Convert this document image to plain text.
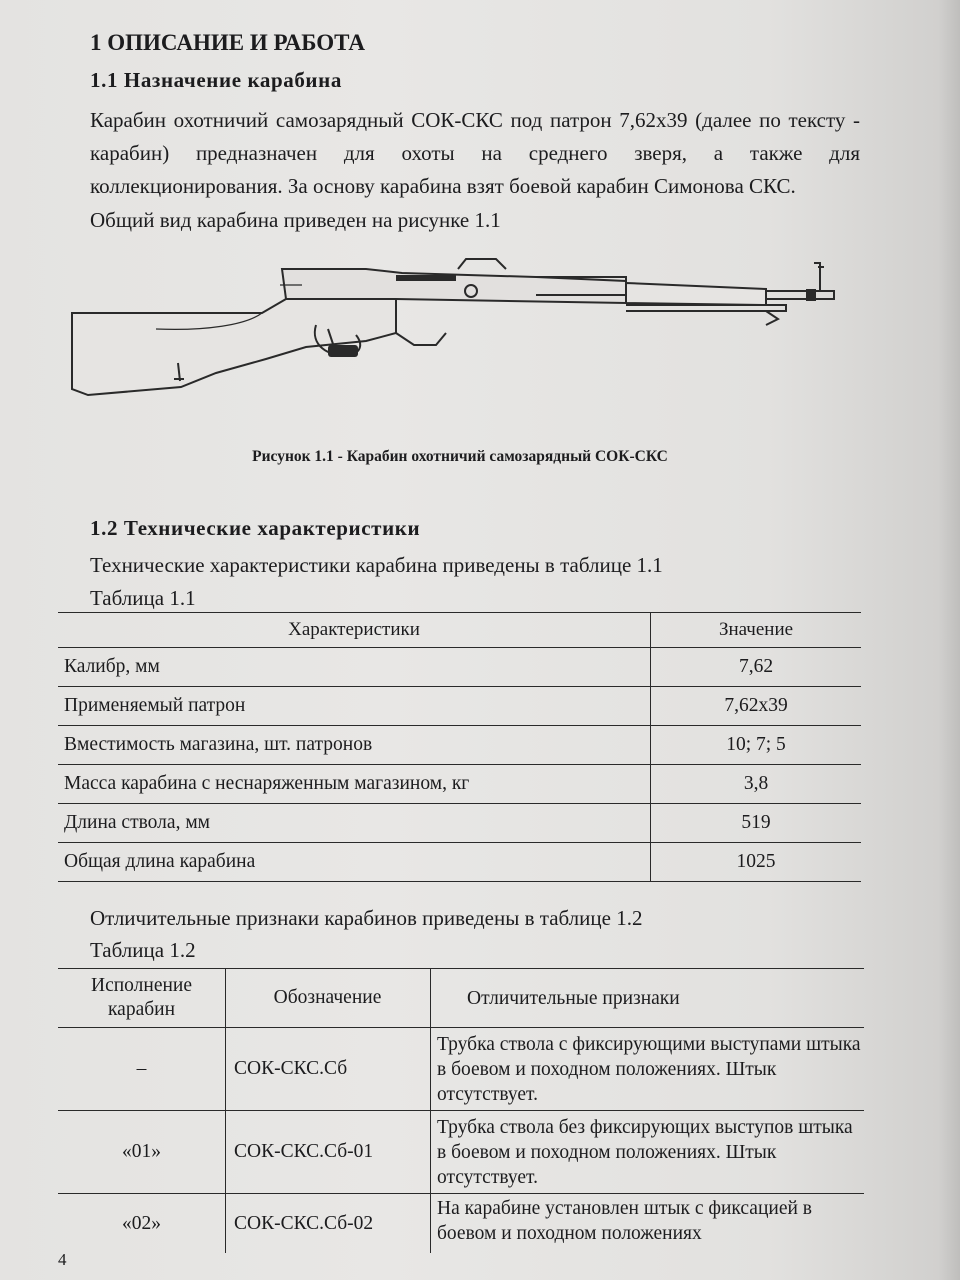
1 ОПИСАНИЕ И РАБОТА
1.1 Назначение карабина
Карабин охотничий самозарядный СОК-СКС под патрон 7,62х39 (далее по тексту - карабин) предназначен для охоты на среднего зверя, а также для коллекционирования. За основу карабина взят боевой карабин Симонова СКС.
Общий вид карабина приведен на рисунке 1.1
Рисунок 1.1 - Карабин охотничий самозарядный СОК-СКС
1.2 Технические характеристики
Технические характеристики карабина приведены в таблице 1.1
Таблица 1.1
Характеристики	Значение
Калибр, мм	7,62
Применяемый патрон	7,62х39
Вместимость магазина, шт. патронов	10; 7; 5
Масса карабина с неснаряженным магазином, кг	3,8
Длина ствола, мм	519
Общая длина карабина	1025
Отличительные признаки карабинов приведены в таблице 1.2
Таблица 1.2
Исполнение карабин	Обозначение	Отличительные признаки
–	СОК-СКС.Сб	Трубка ствола с фиксирующими выступами штыка в боевом и походном положениях. Штык отсутствует.
«01»	СОК-СКС.Сб-01	Трубка ствола без фиксирующих выступов штыка в боевом и походном положениях. Штык отсутствует.
«02»	СОК-СКС.Сб-02	На карабине установлен штык с фиксацией в боевом и походном положениях
4
